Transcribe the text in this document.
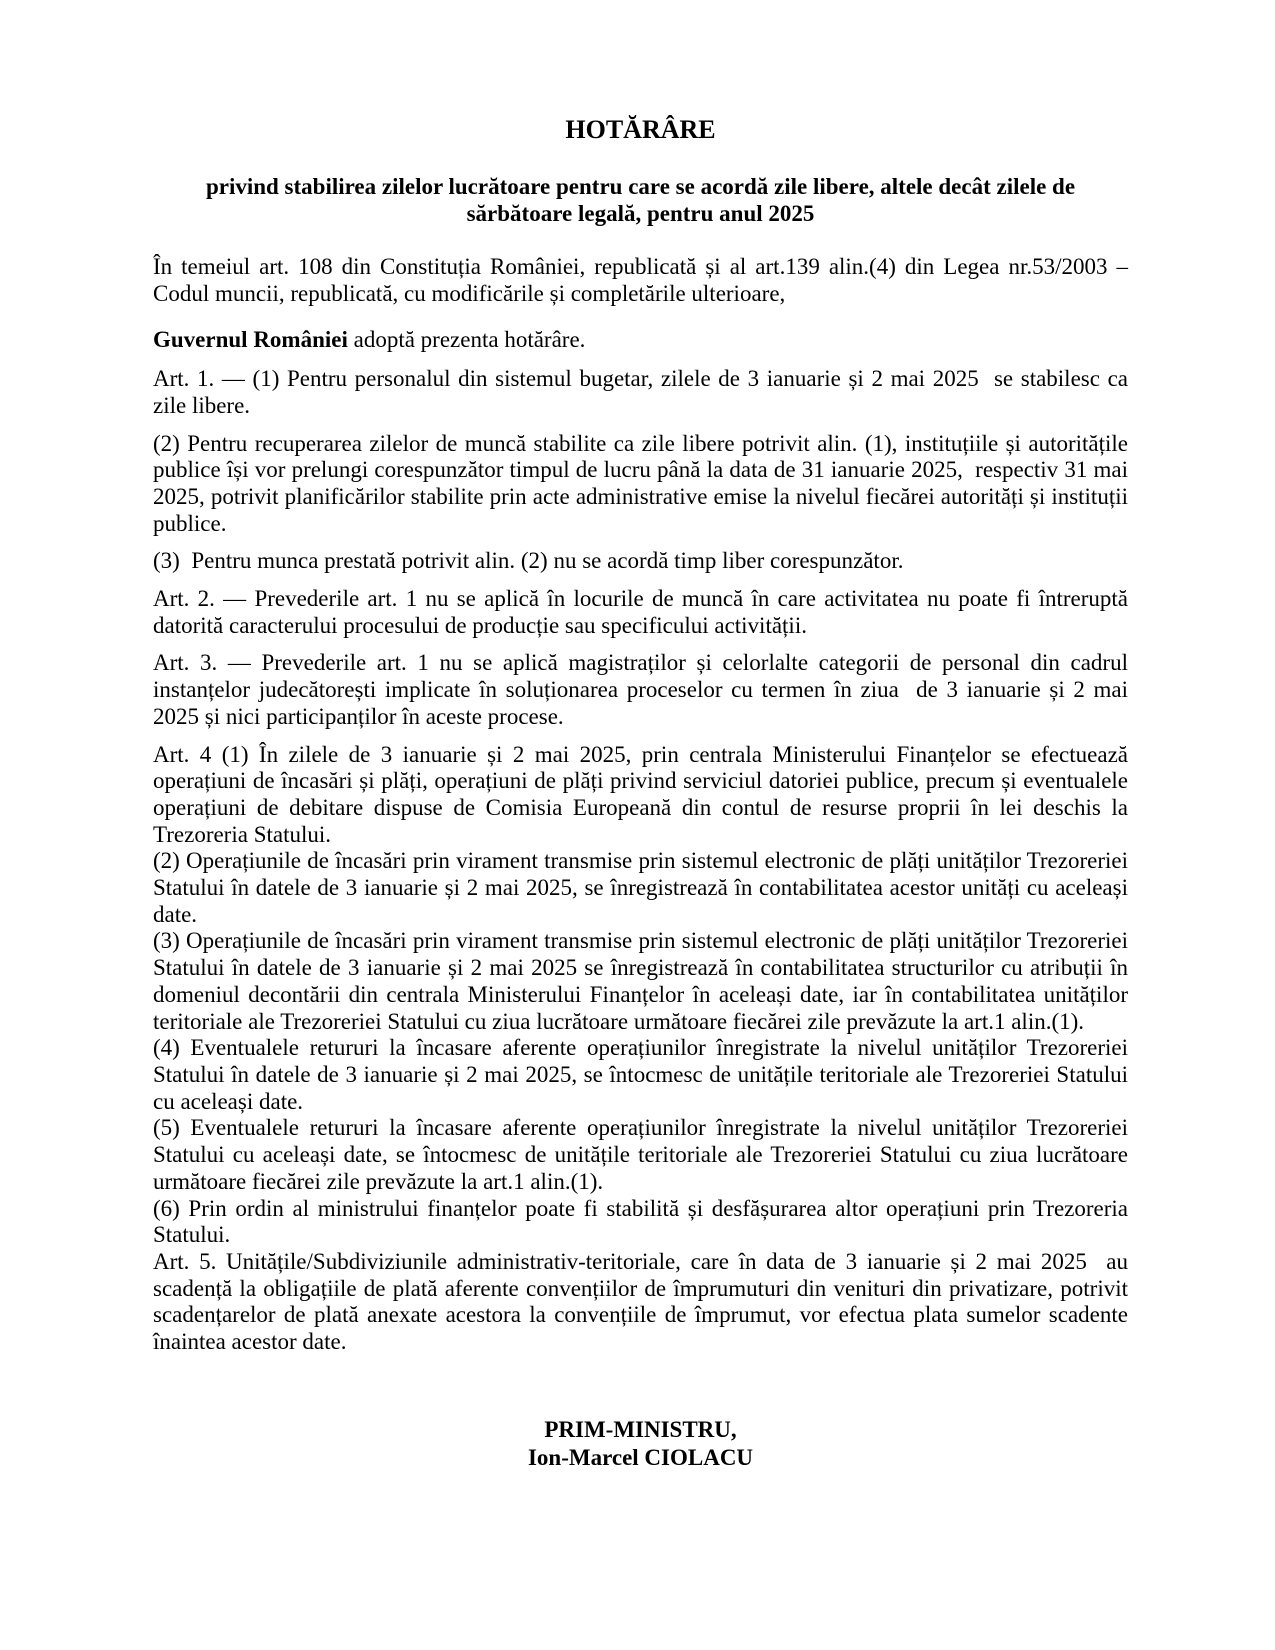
HOTĂRÂRE
privind stabilirea zilelor lucrătoare pentru care se acordă zile libere, altele decât zilele de sărbătoare legală, pentru anul 2025

În temeiul art. 108 din Constituția României, republicată și al art.139 alin.(4) din Legea nr.53/2003 – Codul muncii, republicată, cu modificările și completările ulterioare,

Guvernul României adoptă prezenta hotărâre.

Art. 1. — (1) Pentru personalul din sistemul bugetar, zilele de 3 ianuarie și 2 mai 2025  se stabilesc ca zile libere.

(2) Pentru recuperarea zilelor de muncă stabilite ca zile libere potrivit alin. (1), instituțiile și autoritățile publice își vor prelungi corespunzător timpul de lucru până la data de 31 ianuarie 2025,  respectiv 31 mai 2025, potrivit planificărilor stabilite prin acte administrative emise la nivelul fiecărei autorități și instituții publice.

(3)  Pentru munca prestată potrivit alin. (2) nu se acordă timp liber corespunzător.

Art. 2. — Prevederile art. 1 nu se aplică în locurile de muncă în care activitatea nu poate fi întreruptă datorită caracterului procesului de producție sau specificului activității.

Art. 3. — Prevederile art. 1 nu se aplică magistraților și celorlalte categorii de personal din cadrul instanțelor judecătorești implicate în soluționarea proceselor cu termen în ziua  de 3 ianuarie și 2 mai 2025 și nici participanților în aceste procese.

Art. 4 (1) În zilele de 3 ianuarie și 2 mai 2025, prin centrala Ministerului Finanțelor se efectuează operațiuni de încasări și plăți, operațiuni de plăți privind serviciul datoriei publice, precum și eventualele operațiuni de debitare dispuse de Comisia Europeană din contul de resurse proprii în lei deschis la Trezoreria Statului.

(2) Operațiunile de încasări prin virament transmise prin sistemul electronic de plăți unităților Trezoreriei Statului în datele de 3 ianuarie și 2 mai 2025, se înregistrează în contabilitatea acestor unități cu aceleași date.

(3) Operațiunile de încasări prin virament transmise prin sistemul electronic de plăți unităților Trezoreriei Statului în datele de 3 ianuarie și 2 mai 2025 se înregistrează în contabilitatea structurilor cu atribuții în domeniul decontării din centrala Ministerului Finanțelor în aceleași date, iar în contabilitatea unităților teritoriale ale Trezoreriei Statului cu ziua lucrătoare următoare fiecărei zile prevăzute la art.1 alin.(1).

(4) Eventualele retururi la încasare aferente operațiunilor înregistrate la nivelul unităților Trezoreriei Statului în datele de 3 ianuarie și 2 mai 2025, se întocmesc de unitățile teritoriale ale Trezoreriei Statului cu aceleași date.

(5) Eventualele retururi la încasare aferente operațiunilor înregistrate la nivelul unităților Trezoreriei Statului cu aceleași date, se întocmesc de unitățile teritoriale ale Trezoreriei Statului cu ziua lucrătoare următoare fiecărei zile prevăzute la art.1 alin.(1).

(6) Prin ordin al ministrului finanțelor poate fi stabilită și desfășurarea altor operațiuni prin Trezoreria Statului.

Art. 5. Unitățile/Subdiviziunile administrativ-teritoriale, care în data de 3 ianuarie și 2 mai 2025  au scadență la obligațiile de plată aferente convențiilor de împrumuturi din venituri din privatizare, potrivit scadențarelor de plată anexate acestora la convențiile de împrumut, vor efectua plata sumelor scadente înaintea acestor date.

PRIM-MINISTRU,

Ion-Marcel CIOLACU
